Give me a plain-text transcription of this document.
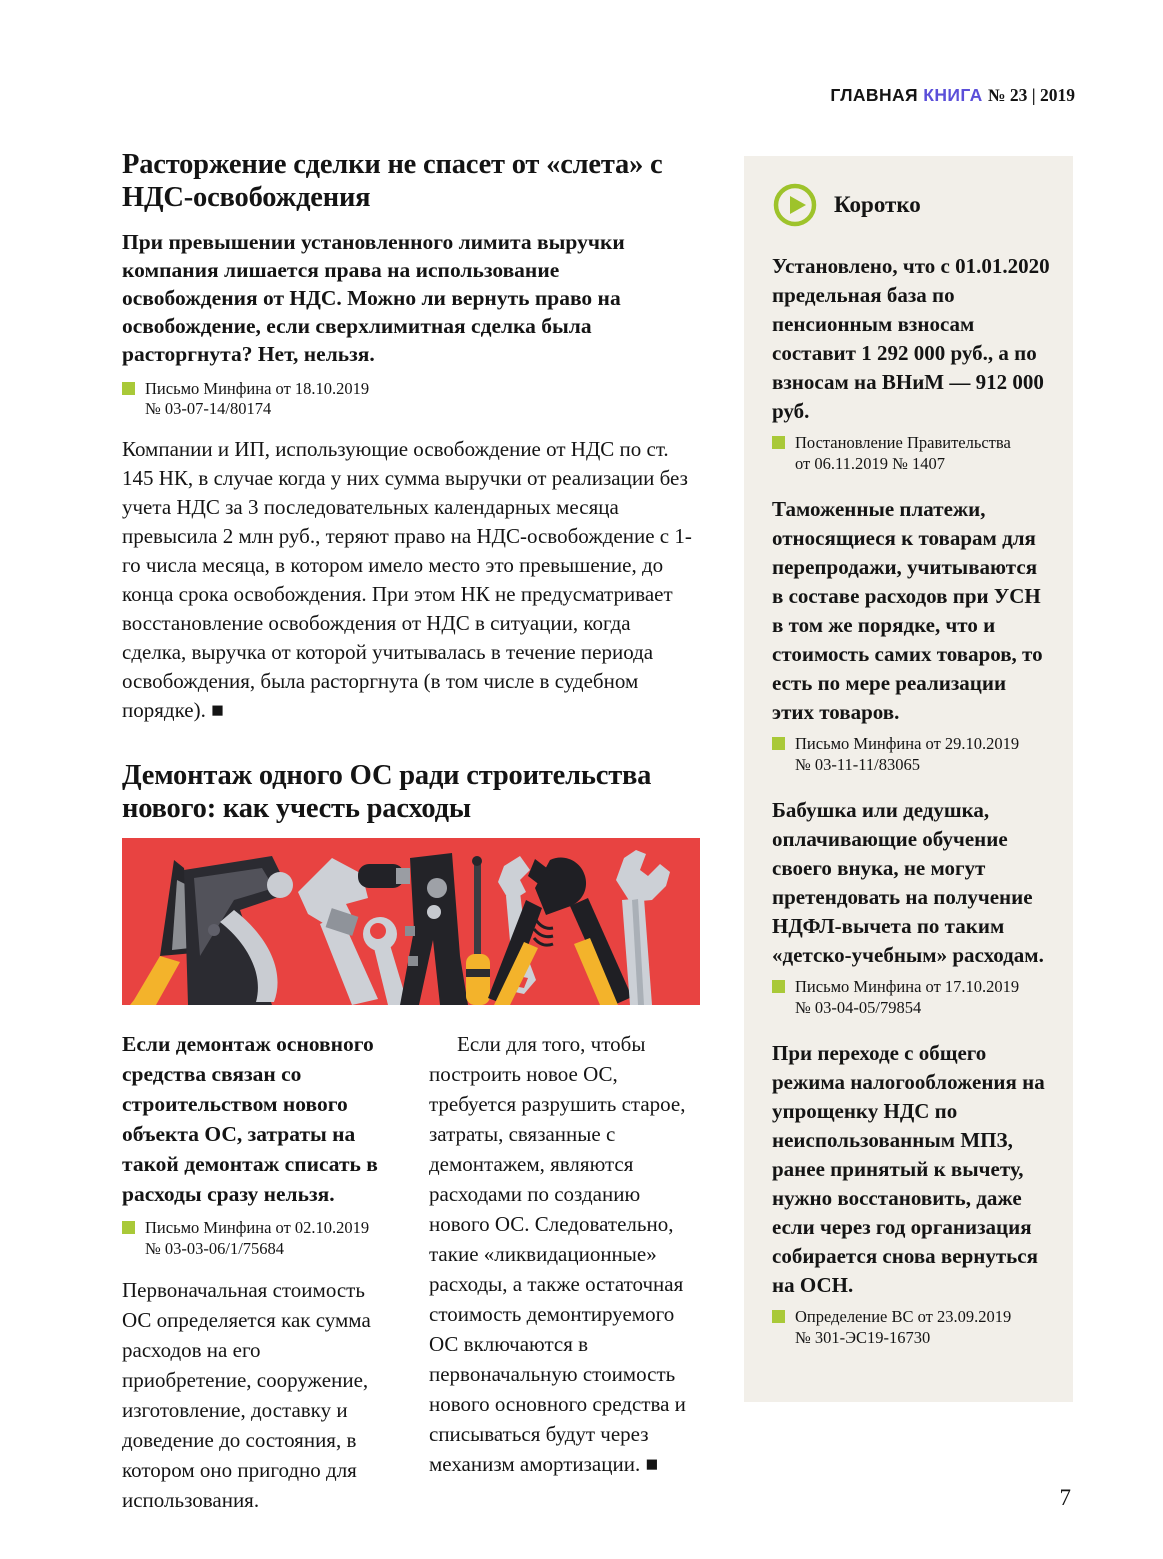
ГЛАВНАЯ КНИГА № 23 | 2019
Расторжение сделки не спасет от «слета» с НДС-освобождения

При превышении установленного лимита выручки компания лишается права на использование освобождения от НДС. Можно ли вернуть право на освобождение, если сверхлимитная сделка была расторгнута? Нет, нельзя.

Письмо Минфина от 18.10.2019
№ 03-07-14/80174

Компании и ИП, использующие освобождение от НДС по ст. 145 НК, в случае когда у них сумма выручки от реализации без учета НДС за 3 последовательных календарных месяца превысила 2 млн руб., теряют право на НДС-освобождение с 1-го числа месяца, в котором имело место это превышение, до конца срока освобождения. При этом НК не предусматривает восстановление освобождения от НДС в ситуации, когда сделка, выручка от которой учитывалась в течение периода освобождения, была расторгнута (в том числе в судебном порядке). ■

Демонтаж одного ОС ради строительства нового: как учесть расходы

Если демонтаж основного средства связан со строительством нового объекта ОС, затраты на такой демонтаж списать в расходы сразу нельзя.

Письмо Минфина от 02.10.2019
№ 03-03-06/1/75684

Первоначальная стоимость ОС определяется как сумма расходов на его приобретение, сооружение, изготовление, доставку и доведение до состояния, в котором оно пригодно для использования.

Если для того, чтобы построить новое ОС, требуется разрушить старое, затраты, связанные с демонтажем, являются расходами по созданию нового ОС. Следовательно, такие «ликвидационные» расходы, а также остаточная стоимость демонтируемого ОС включаются в первоначальную стоимость нового основного средства и списываться будут через механизм амортизации. ■

Коротко

Установлено, что с 01.01.2020 предельная база по пенсионным взносам составит 1 292 000 руб., а по взносам на ВНиМ — 912 000 руб.

Постановление Правительства
от 06.11.2019 № 1407

Таможенные платежи, относящиеся к товарам для перепродажи, учитываются в составе расходов при УСН в том же порядке, что и стоимость самих товаров, то есть по мере реализации этих товаров.

Письмо Минфина от 29.10.2019
№ 03-11-11/83065

Бабушка или дедушка, оплачивающие обучение своего внука, не могут претендовать на получение НДФЛ-вычета по таким «детско-учебным» расходам.

Письмо Минфина от 17.10.2019
№ 03-04-05/79854

При переходе с общего режима налогообложения на упрощенку НДС по неиспользованным МПЗ, ранее принятый к вычету, нужно восстановить, даже если через год организация собирается снова вернуться на ОСН.

Определение ВС от 23.09.2019
№ 301-ЭС19-16730
7
